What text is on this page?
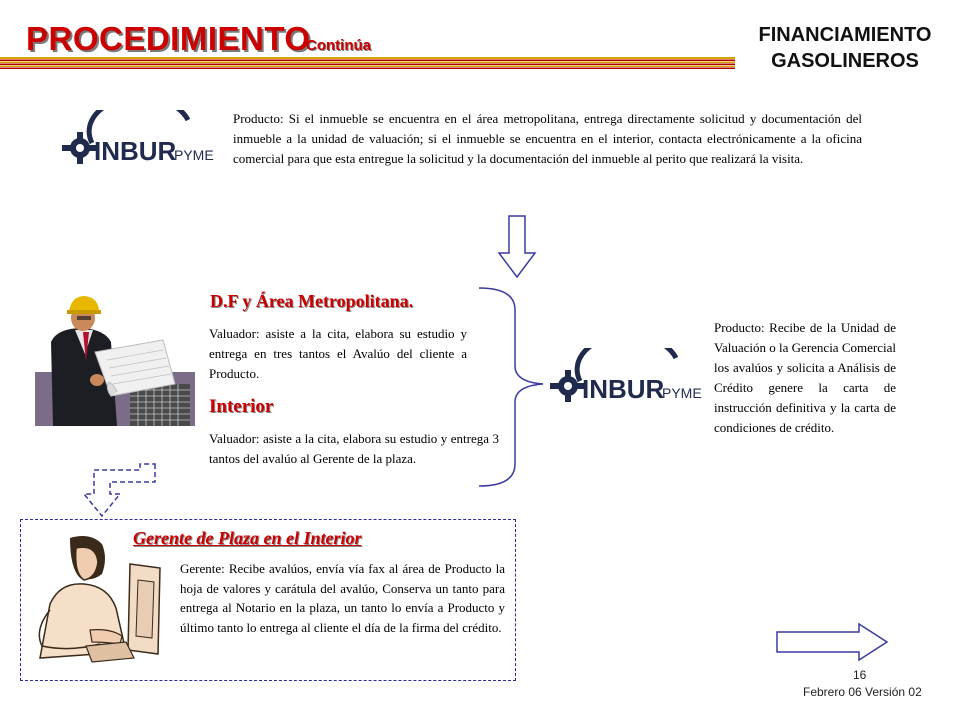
PROCEDIMIENTO
Continúa	FINANCIAMIENTO
GASOLINEROS
INBUR
PYME
Producto: Si el inmueble se encuentra en el área metropolitana, entrega directamente solicitud y documentación del inmueble a la unidad de valuación; si el inmueble se encuentra en el interior, contacta electrónicamente a la oficina comercial para que esta entregue la solicitud y la documentación del inmueble al perito que realizará la visita.
D.F y Área Metropolitana.
Valuador: asiste a la cita, elabora su estudio y entrega en tres tantos el Avalúo del cliente a Producto.
Interior
Valuador: asiste a la cita, elabora su estudio y entrega 3 tantos del avalúo al Gerente de la plaza.
INBUR
PYME
Producto: Recibe de la Unidad de Valuación o la Gerencia Comercial los avalúos y solicita a Análisis de Crédito genere la carta de instrucción definitiva y la carta de condiciones de crédito.
Gerente de Plaza en el Interior
Gerente: Recibe avalúos, envía vía fax al área de Producto la hoja de valores y carátula del avalúo, Conserva un tanto para entrega al Notario en la plaza, un tanto lo envía a Producto y último tanto lo entrega al cliente el día de la firma del crédito.
16
Febrero 06 Versión 02
